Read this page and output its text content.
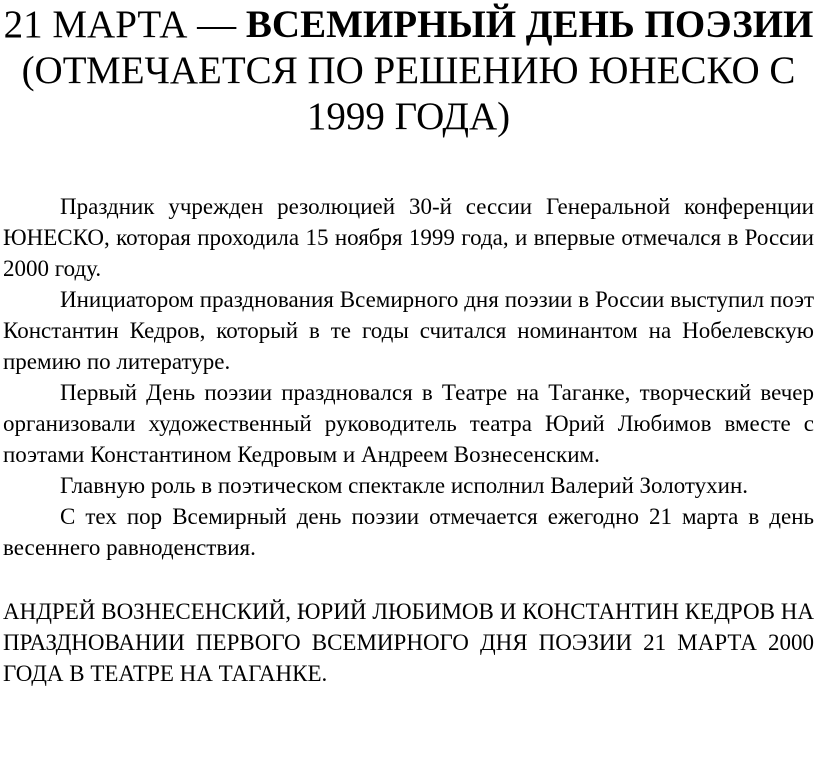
21 МАРТА — ВСЕМИРНЫЙ ДЕНЬ ПОЭЗИИ (ОТМЕЧАЕТСЯ ПО РЕШЕНИЮ ЮНЕСКО С 1999 ГОДА)

Праздник учрежден резолюцией 30-й сессии Генеральной конференции ЮНЕСКО, которая проходила 15 ноября 1999 года, и впервые отмечался в России 2000 году.

Инициатором празднования Всемирного дня поэзии в России выступил поэт Константин Кедров, который в те годы считался номинантом на Нобелевскую премию по литературе.

Первый День поэзии праздновался в Театре на Таганке, творческий вечер организовали художественный руководитель театра Юрий Любимов вместе с поэтами Константином Кедровым и Андреем Вознесенским.

Главную роль в поэтическом спектакле исполнил Валерий Золотухин.

С тех пор Всемирный день поэзии отмечается ежегодно 21 марта в день весеннего равноденствия.

АНДРЕЙ ВОЗНЕСЕНСКИЙ, ЮРИЙ ЛЮБИМОВ И КОНСТАНТИН КЕДРОВ НА ПРАЗДНОВАНИИ ПЕРВОГО ВСЕМИРНОГО ДНЯ ПОЭЗИИ 21 МАРТА 2000 ГОДА В ТЕАТРЕ НА ТАГАНКЕ.
